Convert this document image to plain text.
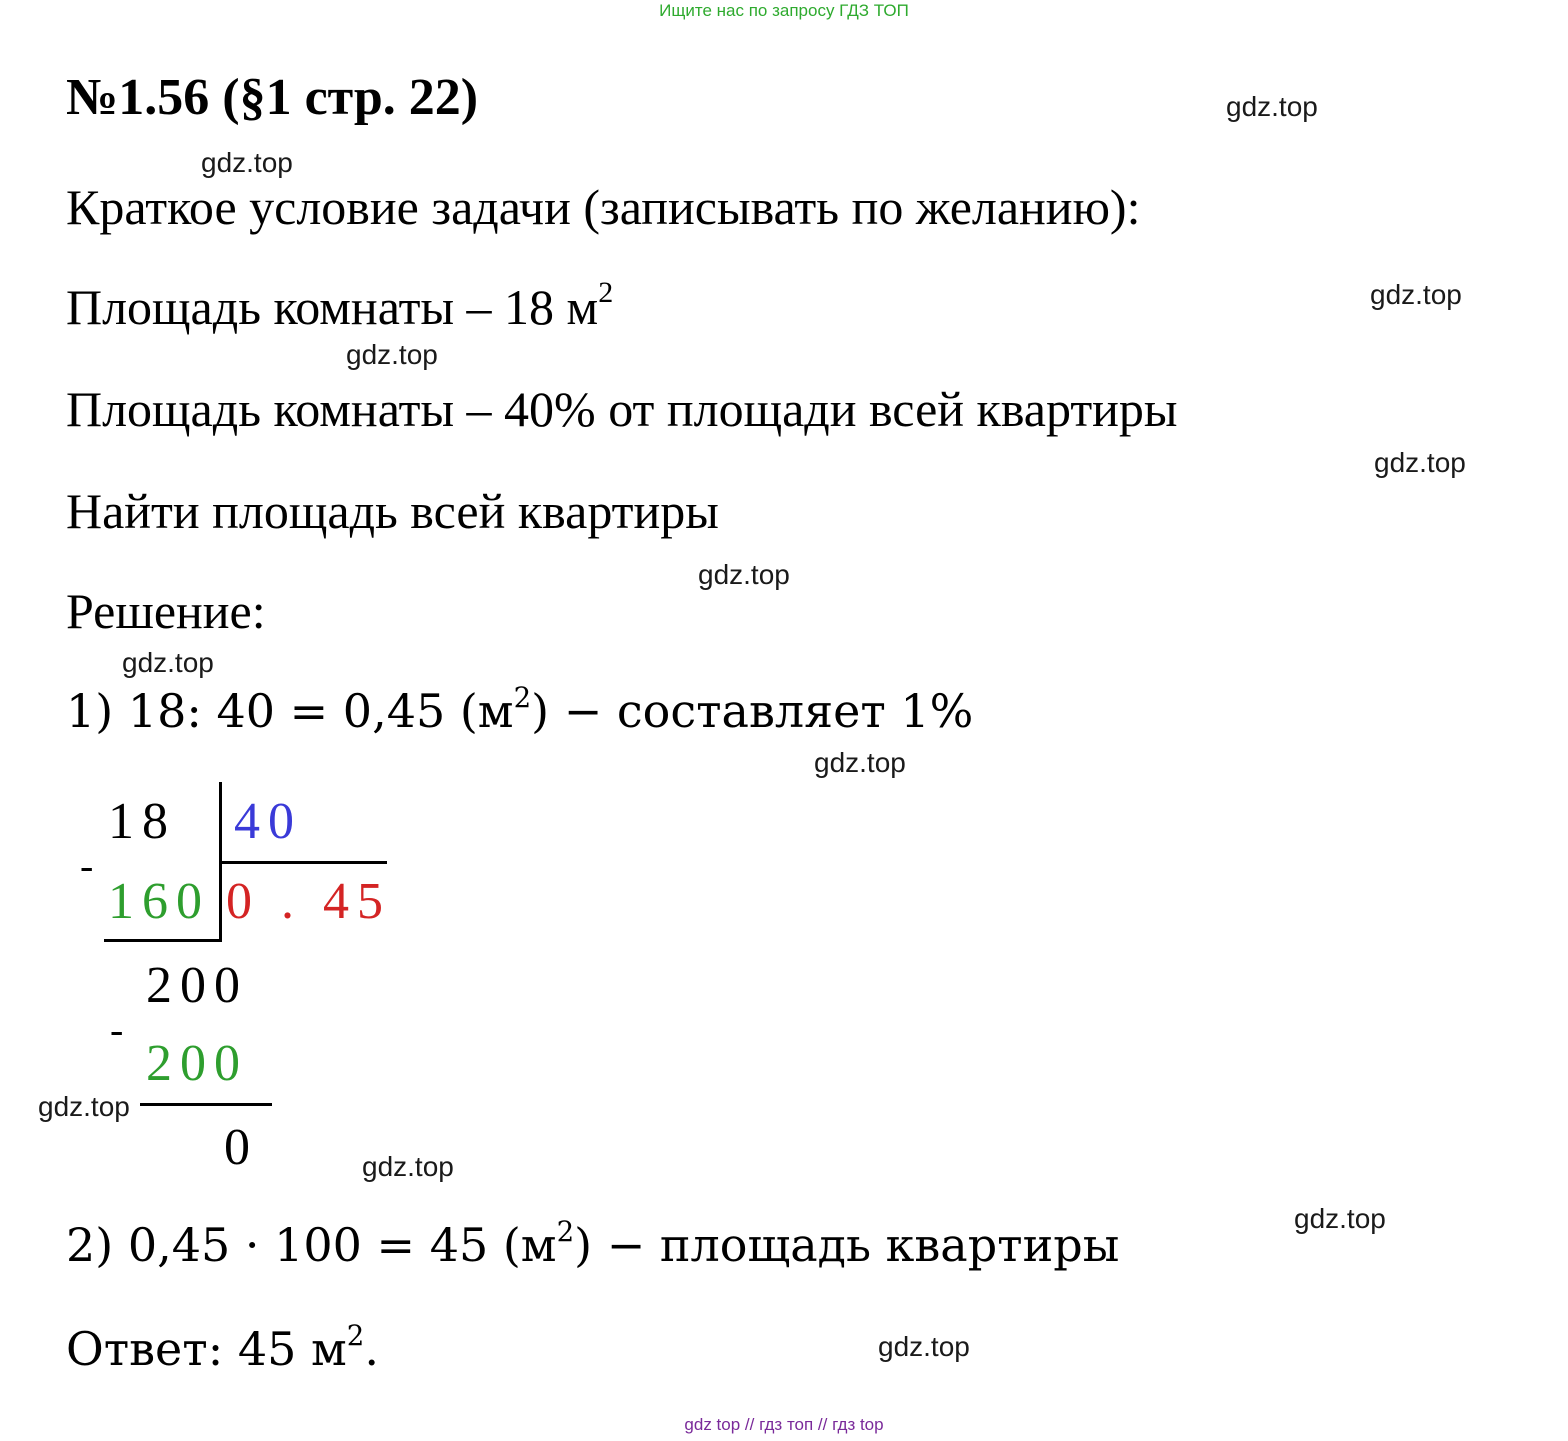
Ищите нас по запросу ГДЗ ТОП
№1.56 (§1 стр. 22)
Краткое условие задачи (записывать по желанию):
Площадь комнаты – 18 $м^2$
Площадь комнаты – 40% от площади всей квартиры
Найти площадь всей квартиры
Решение:
1) 18: 40 = 0,45 $(м^2)$ − составляет 1%
18 40
-
160 0 . 45
200
-
200
0
2) 0,45 · 100 = 45 $(м^2)$ − площадь квартиры
Ответ: 45 $м^2$.
gdz.top
gdz.top
gdz.top
gdz.top
gdz.top
gdz.top
gdz.top
gdz.top
gdz.top
gdz.top
gdz.top
gdz.top
gdz top // гдз топ // гдз top
